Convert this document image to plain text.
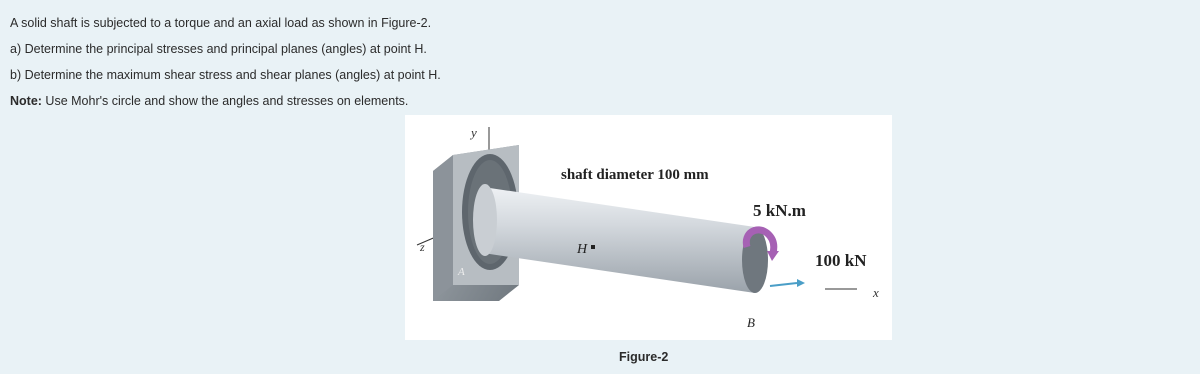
A solid shaft is subjected to a torque and an axial load as shown in Figure-2.
a) Determine the principal stresses and principal planes (angles) at point H.
b) Determine the maximum shear stress and shear planes (angles) at point H.
Note: Use Mohr's circle and show the angles and stresses on elements.
y
z
A
H
x
shaft diameter 100 mm
5 kN.m
100 kN
B
Figure-2
